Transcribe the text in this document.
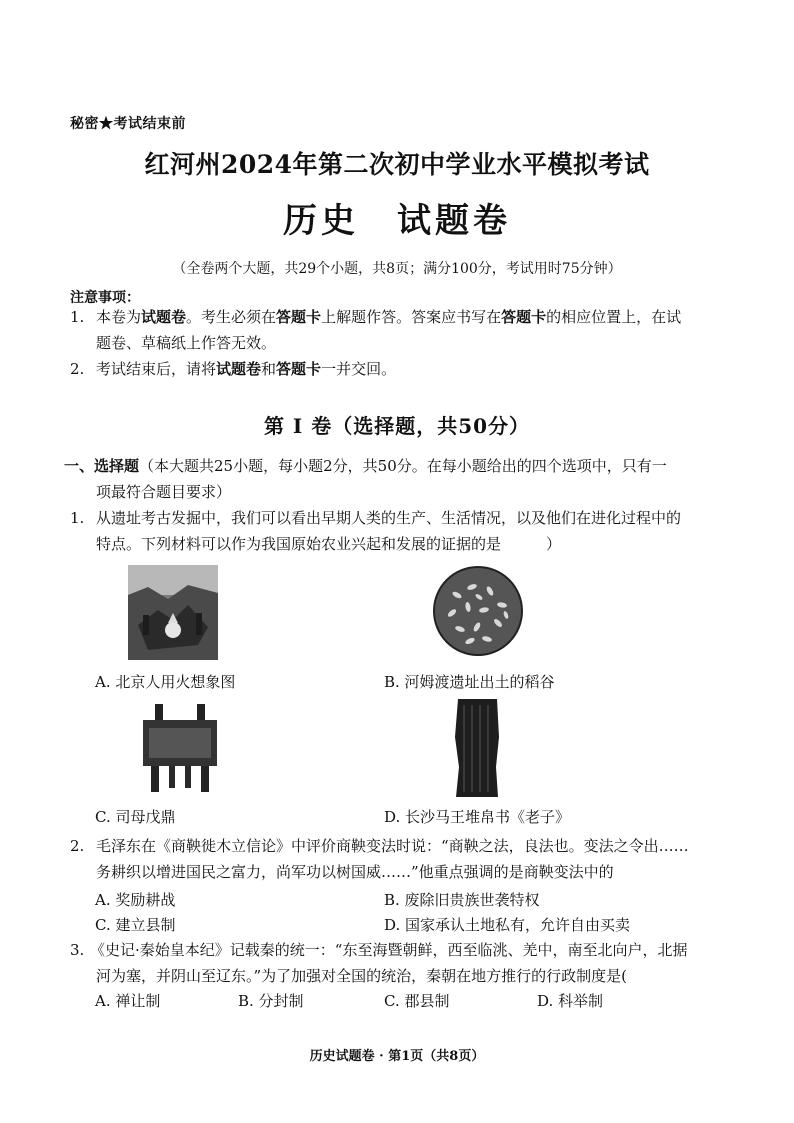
秘密★考试结束前
红河州2024年第二次初中学业水平模拟考试
历史　试题卷
（全卷两个大题，共29个小题，共8页；满分100分，考试用时75分钟）
注意事项：
1. 本卷为试题卷。考生必须在答题卡上解题作答。答案应书写在答题卡的相应位置上，在试
题卷、草稿纸上作答无效。
2. 考试结束后，请将试题卷和答题卡一并交回。
第 Ⅰ 卷（选择题，共50分）
一、选择题（本大题共25小题，每小题2分，共50分。在每小题给出的四个选项中，只有一
项最符合题目要求）
1. 从遗址考古发掘中，我们可以看出早期人类的生产、生活情况，以及他们在进化过程中的
特点。下列材料可以作为我国原始农业兴起和发展的证据的是　　　）
A. 北京人用火想象图	B. 河姆渡遗址出土的稻谷
C. 司母戊鼎	D. 长沙马王堆帛书《老子》
2. 毛泽东在《商鞅徙木立信论》中评价商鞅变法时说：“商鞅之法，良法也。变法之令出……
务耕织以增进国民之富力，尚军功以树国威……”他重点强调的是商鞅变法中的
A. 奖励耕战	B. 废除旧贵族世袭特权
C. 建立县制	D. 国家承认土地私有，允许自由买卖
3. 《史记·秦始皇本纪》记载秦的统一：“东至海暨朝鲜，西至临洮、羌中，南至北向户，北据
河为塞，并阴山至辽东。”为了加强对全国的统治，秦朝在地方推行的行政制度是(
A. 禅让制	B. 分封制	C. 郡县制	D. 科举制
历史试题卷 · 第1页（共8页）
